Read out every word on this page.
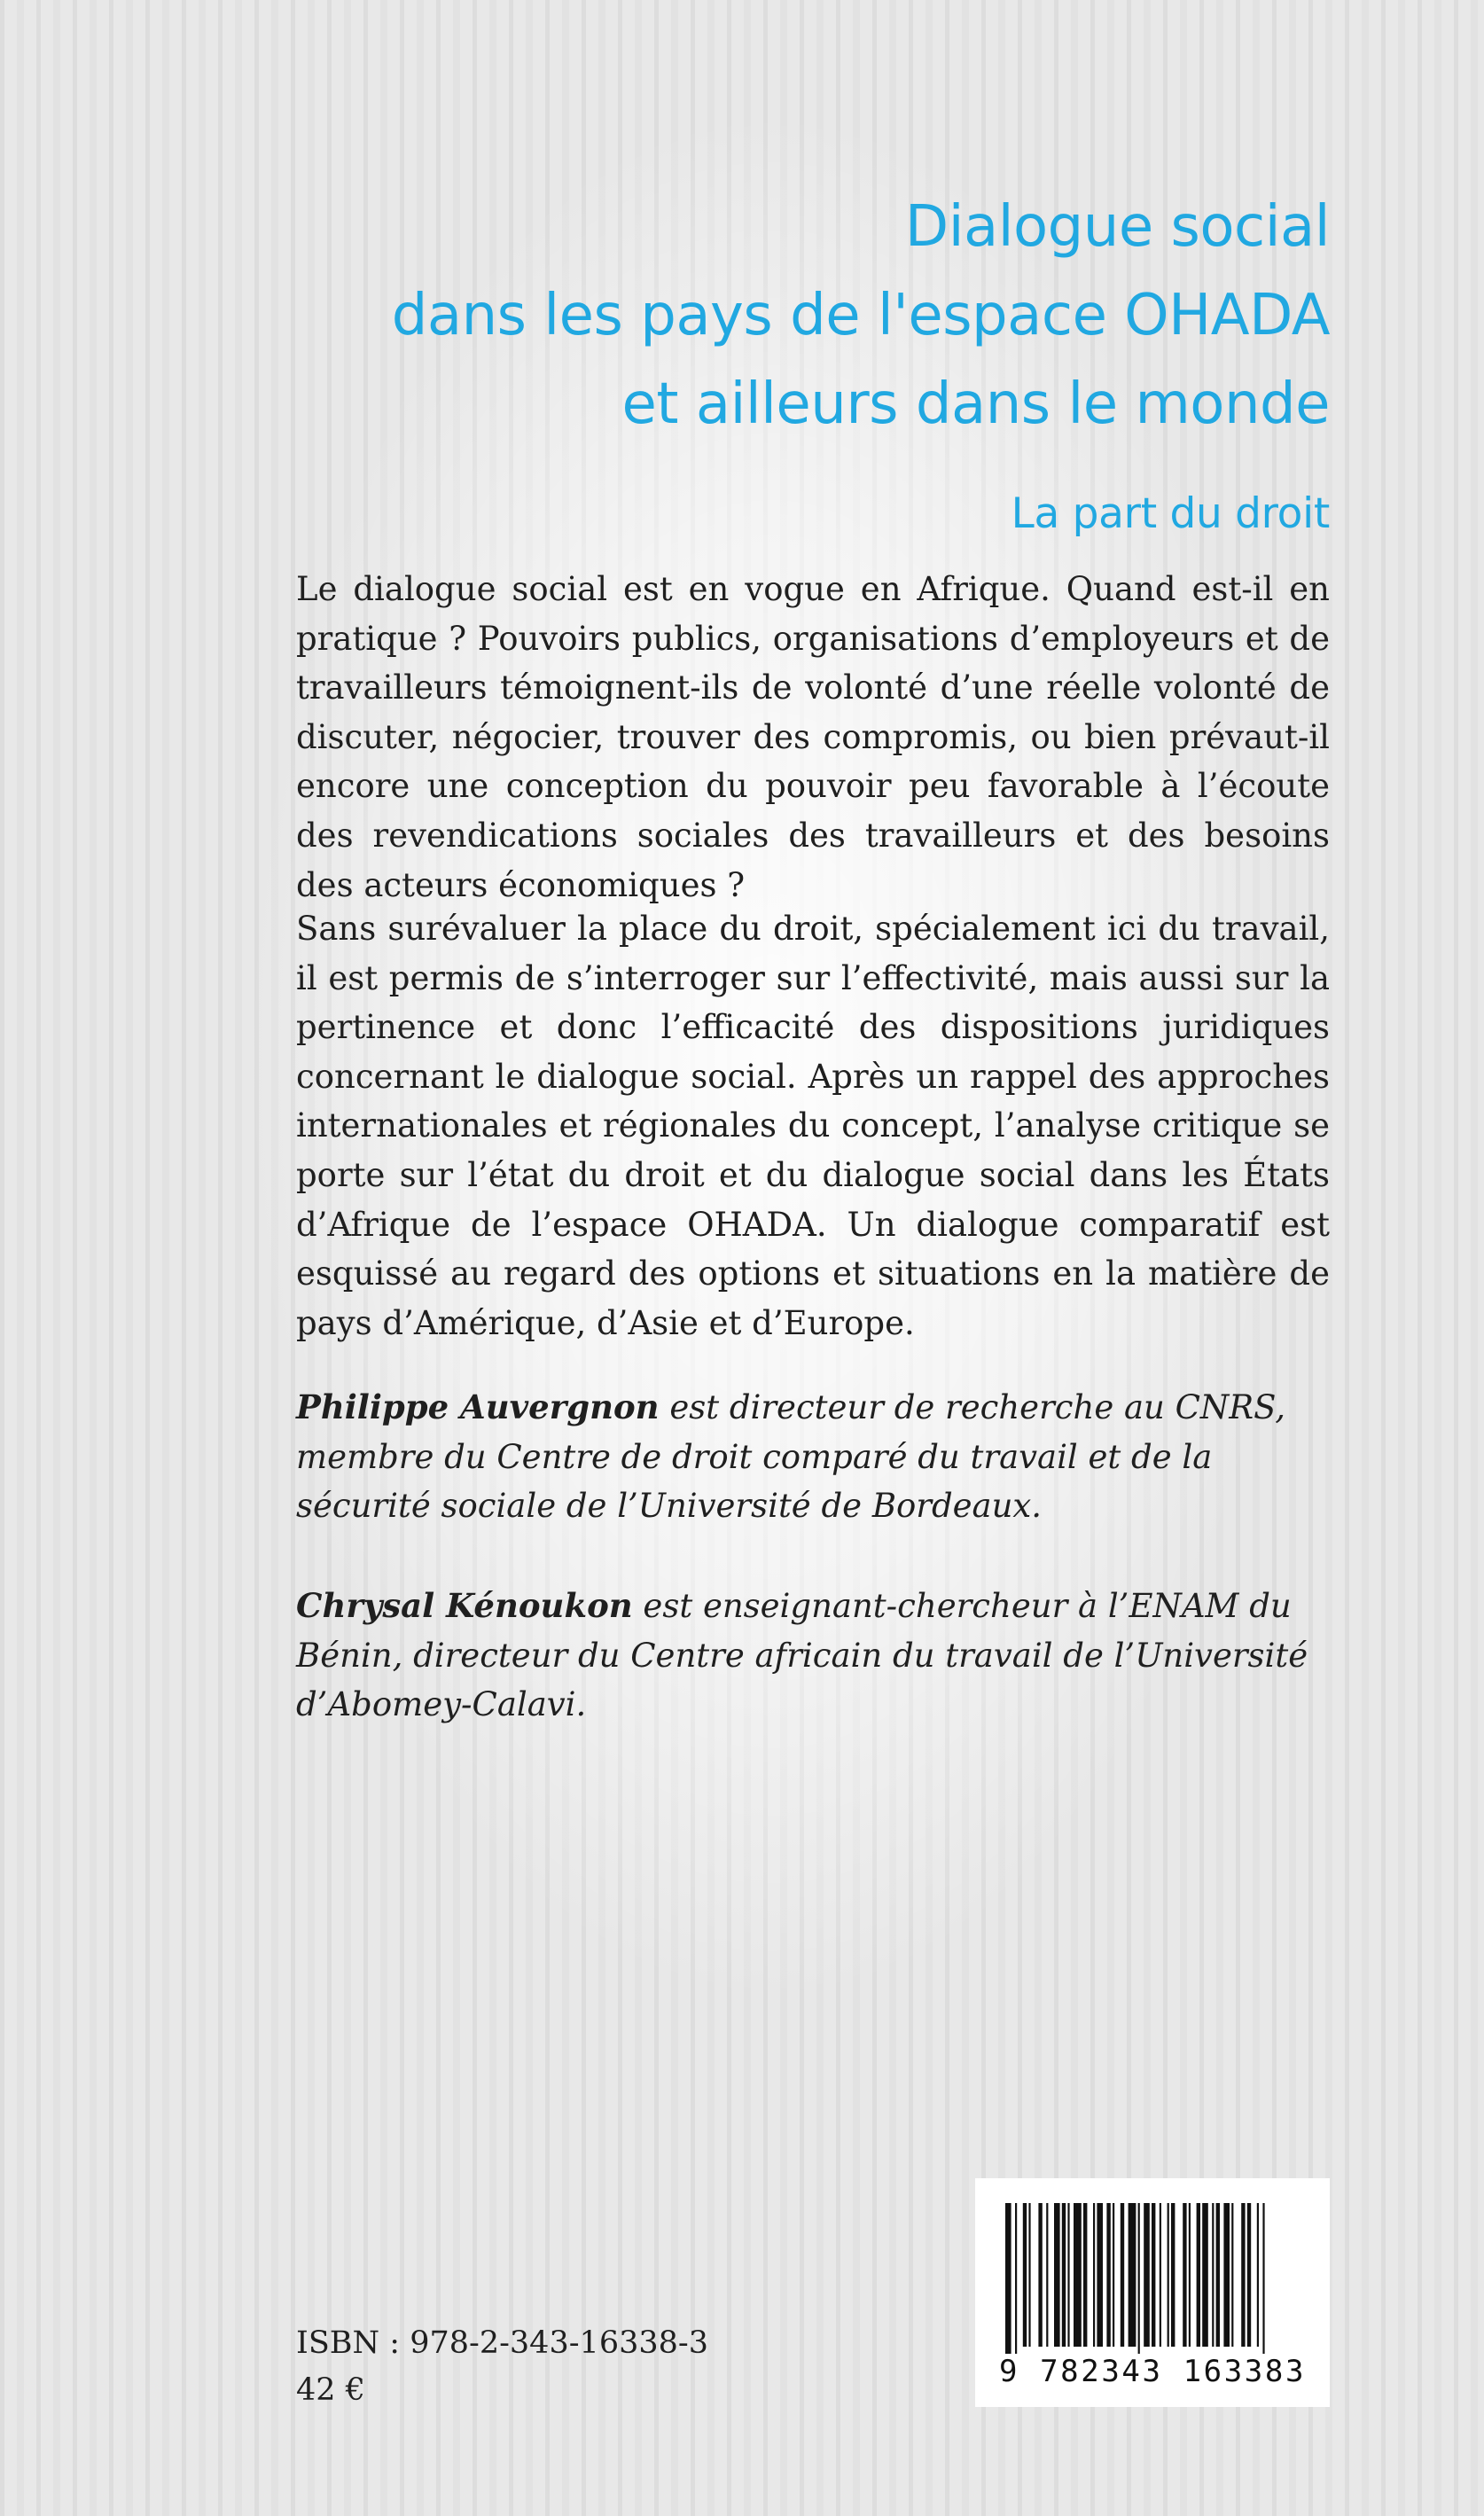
Dialogue social
dans les pays de l'espace OHADA
et ailleurs dans le monde
La part du droit

Le dialogue social est en vogue en Afrique. Quand est-il en pratique ? Pouvoirs publics, organisations d’employeurs et de travailleurs témoignent-ils de volonté d’une réelle volonté de discuter, négocier, trouver des compromis, ou bien prévaut-il encore une conception du pouvoir peu favorable à l’écoute des revendications sociales des travailleurs et des besoins des acteurs économiques ?

Sans surévaluer la place du droit, spécialement ici du travail, il est permis de s’interroger sur l’effectivité, mais aussi sur la pertinence et donc l’efficacité des dispositions juridiques concernant le dialogue social. Après un rappel des approches internationales et régionales du concept, l’analyse critique se porte sur l’état du droit et du dialogue social dans les États d’Afrique de l’espace OHADA. Un dialogue comparatif est esquissé au regard des options et situations en la matière de pays d’Amérique, d’Asie et d’Europe.

Philippe Auvergnon est directeur de recherche au CNRS, membre du Centre de droit comparé du travail et de la sécurité sociale de l’Université de Bordeaux.

Chrysal Kénoukon est enseignant-chercheur à l’ENAM du Bénin, directeur du Centre africain du travail de l’Université d’Abomey-Calavi.

ISBN : 978-2-343-16338-3
42 €
9 782343 163383
